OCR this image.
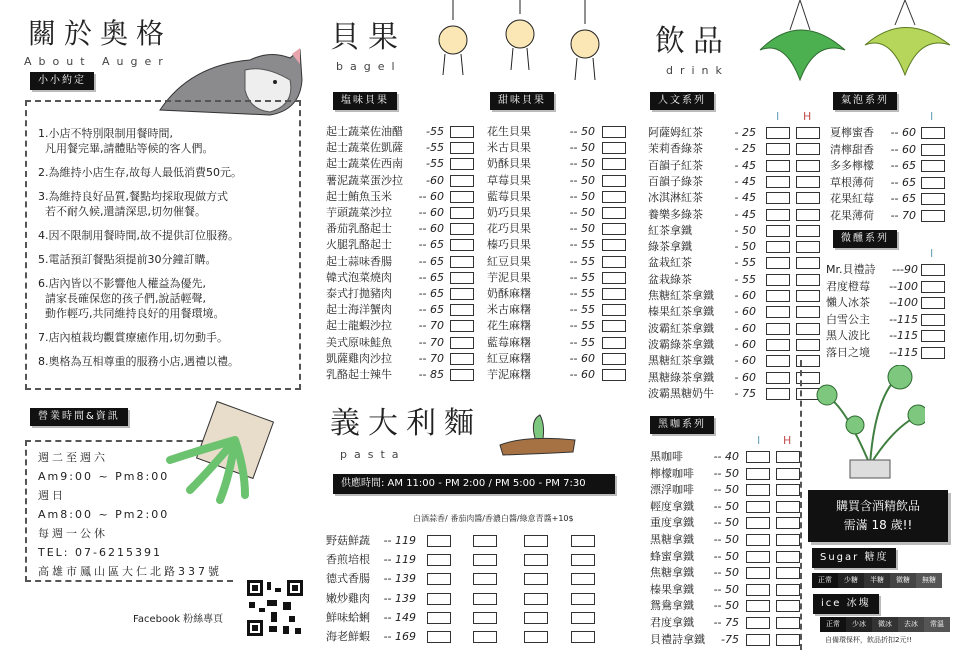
關於奧格
About Auger
小小約定
1.小店不特別限制用餐時間,
凡用餐完畢,請體貼等候的客人們。
2.為維持小店生存,故每人最低消費50元。
3.為維持良好品質,餐點均採取現做方式
若不耐久候,還請深思,切勿催餐。
4.因不限制用餐時間,故不提供訂位服務。
5.電話預訂餐點須提前30分鐘訂購。
6.店內皆以不影響他人權益為優先,
請家長確保您的孩子們,說話輕聲,
動作輕巧,共同維持良好的用餐環境。
7.店內植栽均觀賞療癒作用,切勿動手。
8.奧格為互相尊重的服務小店,遇禮以禮。
營業時間&資訊
週二至週六
Am9:00 ~ Pm8:00
週日
Am8:00 ~ Pm2:00
每週一公休
TEL: 07-6215391
高雄市鳳山區大仁北路337號
Facebook 粉絲專頁
貝果
bagel
塩味貝果	甜味貝果
起士蔬菜佐油醋 -55
起士蔬菜佐凱薩 -55
起士蔬菜佐西南 -55
薯泥蔬菜蛋沙拉 -60
起士鮪魚玉米 -- 60
芋頭蔬菜沙拉 -- 60
番茄乳酪起士 -- 60
火腿乳酪起士 -- 65
起士蒜味香腸 -- 65
韓式泡菜燒肉 -- 65
泰式打拋豬肉 -- 65
起士海洋蟹肉 -- 65
起士龍蝦沙拉 -- 70
美式原味鮭魚 -- 70
凱薩雞肉沙拉 -- 70
乳酪起士辣牛 -- 85
花生貝果	-- 50
米古貝果	-- 50
奶酥貝果	-- 50
草莓貝果	-- 50
藍莓貝果	-- 50
奶巧貝果	-- 50
花巧貝果	-- 50
榛巧貝果	-- 55
紅豆貝果	-- 55
芋泥貝果	-- 55
奶酥麻糬	-- 55
米古麻糬	-- 55
花生麻糬	-- 55
藍莓麻糬	-- 55
紅豆麻糬	-- 60
芋泥麻糬	-- 60
義大利麵
pasta
供應時間: AM 11:00 - PM 2:00 / PM 5:00 - PM 7:30
白酒蒜香/ 番茄肉醬/香濃白醬/綠意青醬+10$
野菇鮮蔬 -- 119
香煎培根 -- 119
德式香腸 -- 139
嫩炒雞肉 -- 139
鮮味蛤蜊 -- 149
海老鮮蝦 -- 169
飲品
drink
人文系列
I H
阿薩姆紅茶	- 25
茉莉香綠茶	- 25
百韻子紅茶	- 45
百韻子綠茶	- 45
冰淇淋紅茶	- 45
養樂多綠茶	- 45
紅茶拿鐵	- 50
綠茶拿鐵	- 50
盆栽紅茶	- 55
盆栽綠茶	- 55
焦糖紅茶拿鐵 - 60
榛果紅茶拿鐵 - 60
波霸紅茶拿鐵 - 60
波霸綠茶拿鐵 - 60
黑糖紅茶拿鐵 - 60
黑糖綠茶拿鐵 - 60
波霸黑糖奶牛 - 75
氣泡系列
I
夏檸蜜香 -- 60
清檸甜香 -- 60
多多檸檬 -- 65
草根薄荷 -- 65
花果紅莓 -- 65
花果薄荷 -- 70
微醺系列
I
Mr.貝禮詩 ---90
君度橙莓 --100
懶人冰茶 --100
白雪公主 --115
黑人波比 --115
落日之境 --115
黑咖系列
I H
黑咖啡	-- 40
檸檬咖啡 -- 50
漂浮咖啡 -- 50
輕度拿鐵 -- 50
重度拿鐵 -- 50
黑糖拿鐵 -- 50
蜂蜜拿鐵 -- 50
焦糖拿鐵 -- 50
榛果拿鐵 -- 50
鴛鴦拿鐵 -- 50
君度拿鐵 -- 75
貝禮詩拿鐵 -75
購買含酒精飲品
需滿 18 歲!!
Sugar 糖度
正常	少糖	半糖	微糖	無糖
ice 冰塊
正常	少冰	微冰	去冰	常溫
自備環保杯，飲品折扣2元!!
